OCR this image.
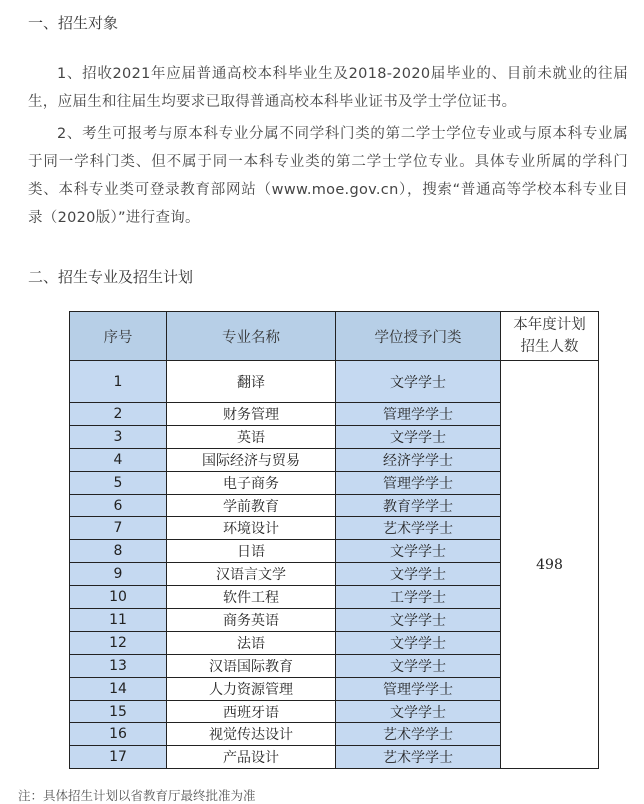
一、招生对象

1、招收2021年应届普通高校本科毕业生及2018-2020届毕业的、目前未就业的往届生，应届生和往届生均要求已取得普通高校本科毕业证书及学士学位证书。

2、考生可报考与原本科专业分属不同学科门类的第二学士学位专业或与原本科专业属于同一学科门类、但不属于同一本科专业类的第二学士学位专业。具体专业所属的学科门类、本科专业类可登录教育部网站（www.moe.gov.cn），搜索“普通高等学校本科专业目录（2020版）”进行查询。

二、招生专业及招生计划
序号	专业名称	学位授予门类	本年度计划招生人数
1	翻译	文学学士	498
2	财务管理	管理学学士	
3	英语	文学学士	
4	国际经济与贸易	经济学学士	
5	电子商务	管理学学士	
6	学前教育	教育学学士	
7	环境设计	艺术学学士	
8	日语	文学学士	
9	汉语言文学	文学学士	
10	软件工程	工学学士	
11	商务英语	文学学士	
12	法语	文学学士	
13	汉语国际教育	文学学士	
14	人力资源管理	管理学学士	
15	西班牙语	文学学士	
16	视觉传达设计	艺术学学士	
17	产品设计	艺术学学士	
注：具体招生计划以省教育厅最终批准为准
